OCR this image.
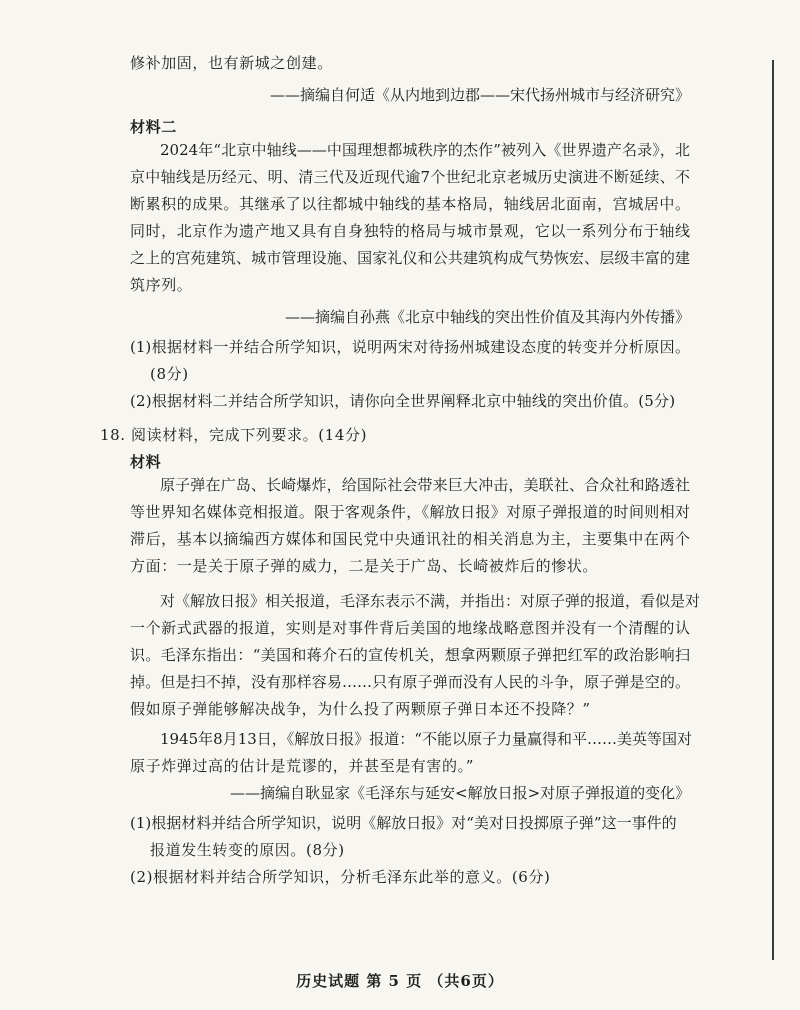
修补加固，也有新城之创建。
——摘编自何适《从内地到边郡——宋代扬州城市与经济研究》
材料二
2024年“北京中轴线——中国理想都城秩序的杰作”被列入《世界遗产名录》，北
京中轴线是历经元、明、清三代及近现代逾7个世纪北京老城历史演进不断延续、不
断累积的成果。其继承了以往都城中轴线的基本格局，轴线居北面南，宫城居中。
同时，北京作为遗产地又具有自身独特的格局与城市景观，它以一系列分布于轴线
之上的宫苑建筑、城市管理设施、国家礼仪和公共建筑构成气势恢宏、层级丰富的建
筑序列。
——摘编自孙燕《北京中轴线的突出性价值及其海内外传播》
(1)根据材料一并结合所学知识，说明两宋对待扬州城建设态度的转变并分析原因。
(8分)
(2)根据材料二并结合所学知识，请你向全世界阐释北京中轴线的突出价值。(5分)
18. 阅读材料，完成下列要求。(14分)
材料
原子弹在广岛、长崎爆炸，给国际社会带来巨大冲击，美联社、合众社和路透社
等世界知名媒体竞相报道。限于客观条件，《解放日报》对原子弹报道的时间则相对
滞后，基本以摘编西方媒体和国民党中央通讯社的相关消息为主，主要集中在两个
方面：一是关于原子弹的威力，二是关于广岛、长崎被炸后的惨状。
对《解放日报》相关报道，毛泽东表示不满，并指出：对原子弹的报道，看似是对
一个新式武器的报道，实则是对事件背后美国的地缘战略意图并没有一个清醒的认
识。毛泽东指出：“美国和蒋介石的宣传机关，想拿两颗原子弹把红军的政治影响扫
掉。但是扫不掉，没有那样容易……只有原子弹而没有人民的斗争，原子弹是空的。
假如原子弹能够解决战争，为什么投了两颗原子弹日本还不投降？”
1945年8月13日，《解放日报》报道：“不能以原子力量赢得和平……美英等国对
原子炸弹过高的估计是荒谬的，并甚至是有害的。”
——摘编自耿显家《毛泽东与延安<解放日报>对原子弹报道的变化》
(1)根据材料并结合所学知识，说明《解放日报》对“美对日投掷原子弹”这一事件的
报道发生转变的原因。(8分)
(2)根据材料并结合所学知识，分析毛泽东此举的意义。(6分)
历史试题 第 5 页 （共6页）
